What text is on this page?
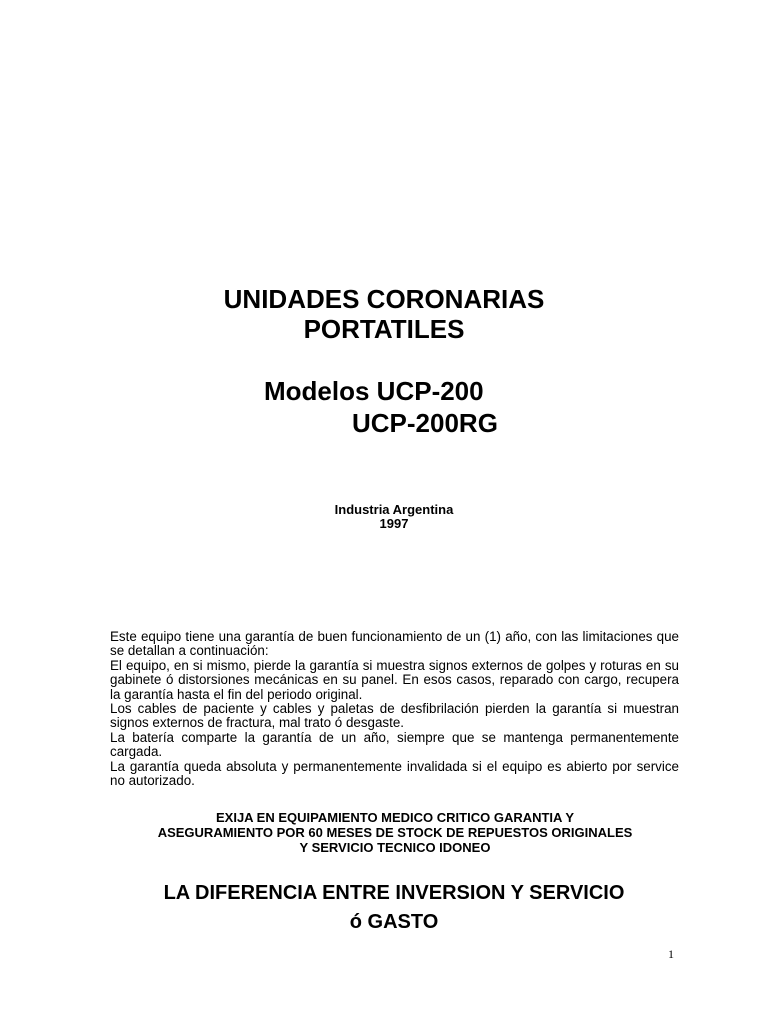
UNIDADES CORONARIAS
PORTATILES
Modelos UCP-200
UCP-200RG

Industria Argentina

1997

Este equipo tiene una garantía de buen funcionamiento de un (1) año, con las limitaciones que se detallan a continuación:

El equipo, en si mismo, pierde la garantía si muestra signos externos de golpes y roturas en su gabinete ó distorsiones mecánicas en su panel. En esos casos, reparado con cargo, recupera la garantía hasta el fin del periodo original.

Los cables de paciente y cables y paletas de desfibrilación pierden la garantía si muestran signos externos de fractura, mal trato ó desgaste.

La batería comparte la garantía de un año, siempre que se mantenga permanentemente cargada.

La garantía queda absoluta y permanentemente invalidada si el equipo es abierto por service no autorizado.

EXIJA EN EQUIPAMIENTO MEDICO CRITICO GARANTIA Y
ASEGURAMIENTO POR 60 MESES DE STOCK DE REPUESTOS ORIGINALES
Y SERVICIO TECNICO IDONEO
LA DIFERENCIA ENTRE INVERSION Y SERVICIO
ó GASTO

1
